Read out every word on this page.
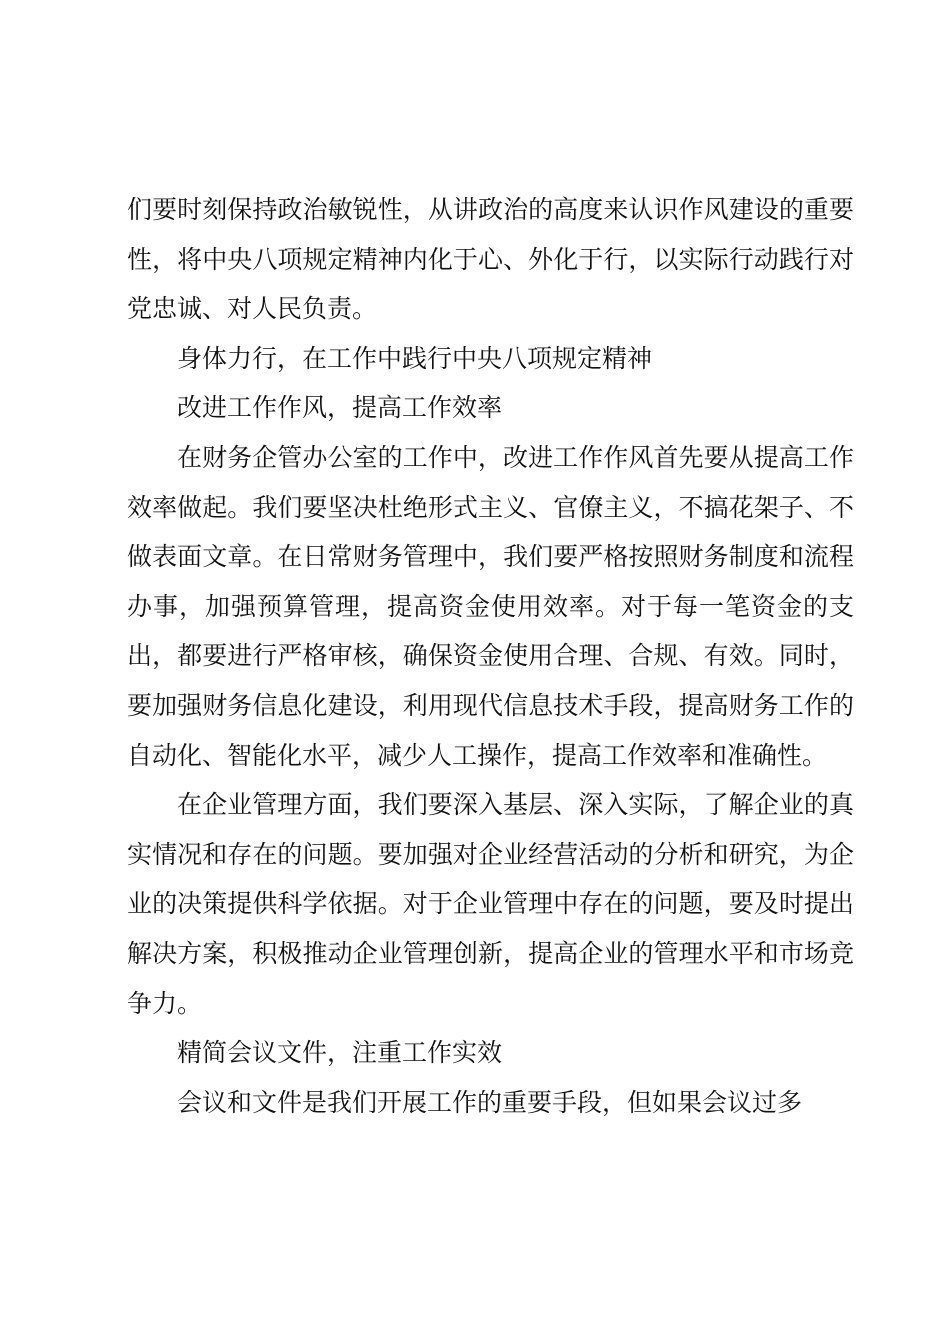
们要时刻保持政治敏锐性，从讲政治的高度来认识作风建设的重要性，将中央八项规定精神内化于心、外化于行，以实际行动践行对党忠诚、对人民负责。

身体力行，在工作中践行中央八项规定精神
改进工作作风，提高工作效率

在财务企管办公室的工作中，改进工作作风首先要从提高工作效率做起。我们要坚决杜绝形式主义、官僚主义，不搞花架子、不做表面文章。在日常财务管理中，我们要严格按照财务制度和流程办事，加强预算管理，提高资金使用效率。对于每一笔资金的支出，都要进行严格审核，确保资金使用合理、合规、有效。同时，要加强财务信息化建设，利用现代信息技术手段，提高财务工作的自动化、智能化水平，减少人工操作，提高工作效率和准确性。

在企业管理方面，我们要深入基层、深入实际，了解企业的真实情况和存在的问题。要加强对企业经营活动的分析和研究，为企业的决策提供科学依据。对于企业管理中存在的问题，要及时提出解决方案，积极推动企业管理创新，提高企业的管理水平和市场竞争力。

精简会议文件，注重工作实效

会议和文件是我们开展工作的重要手段，但如果会议过多
